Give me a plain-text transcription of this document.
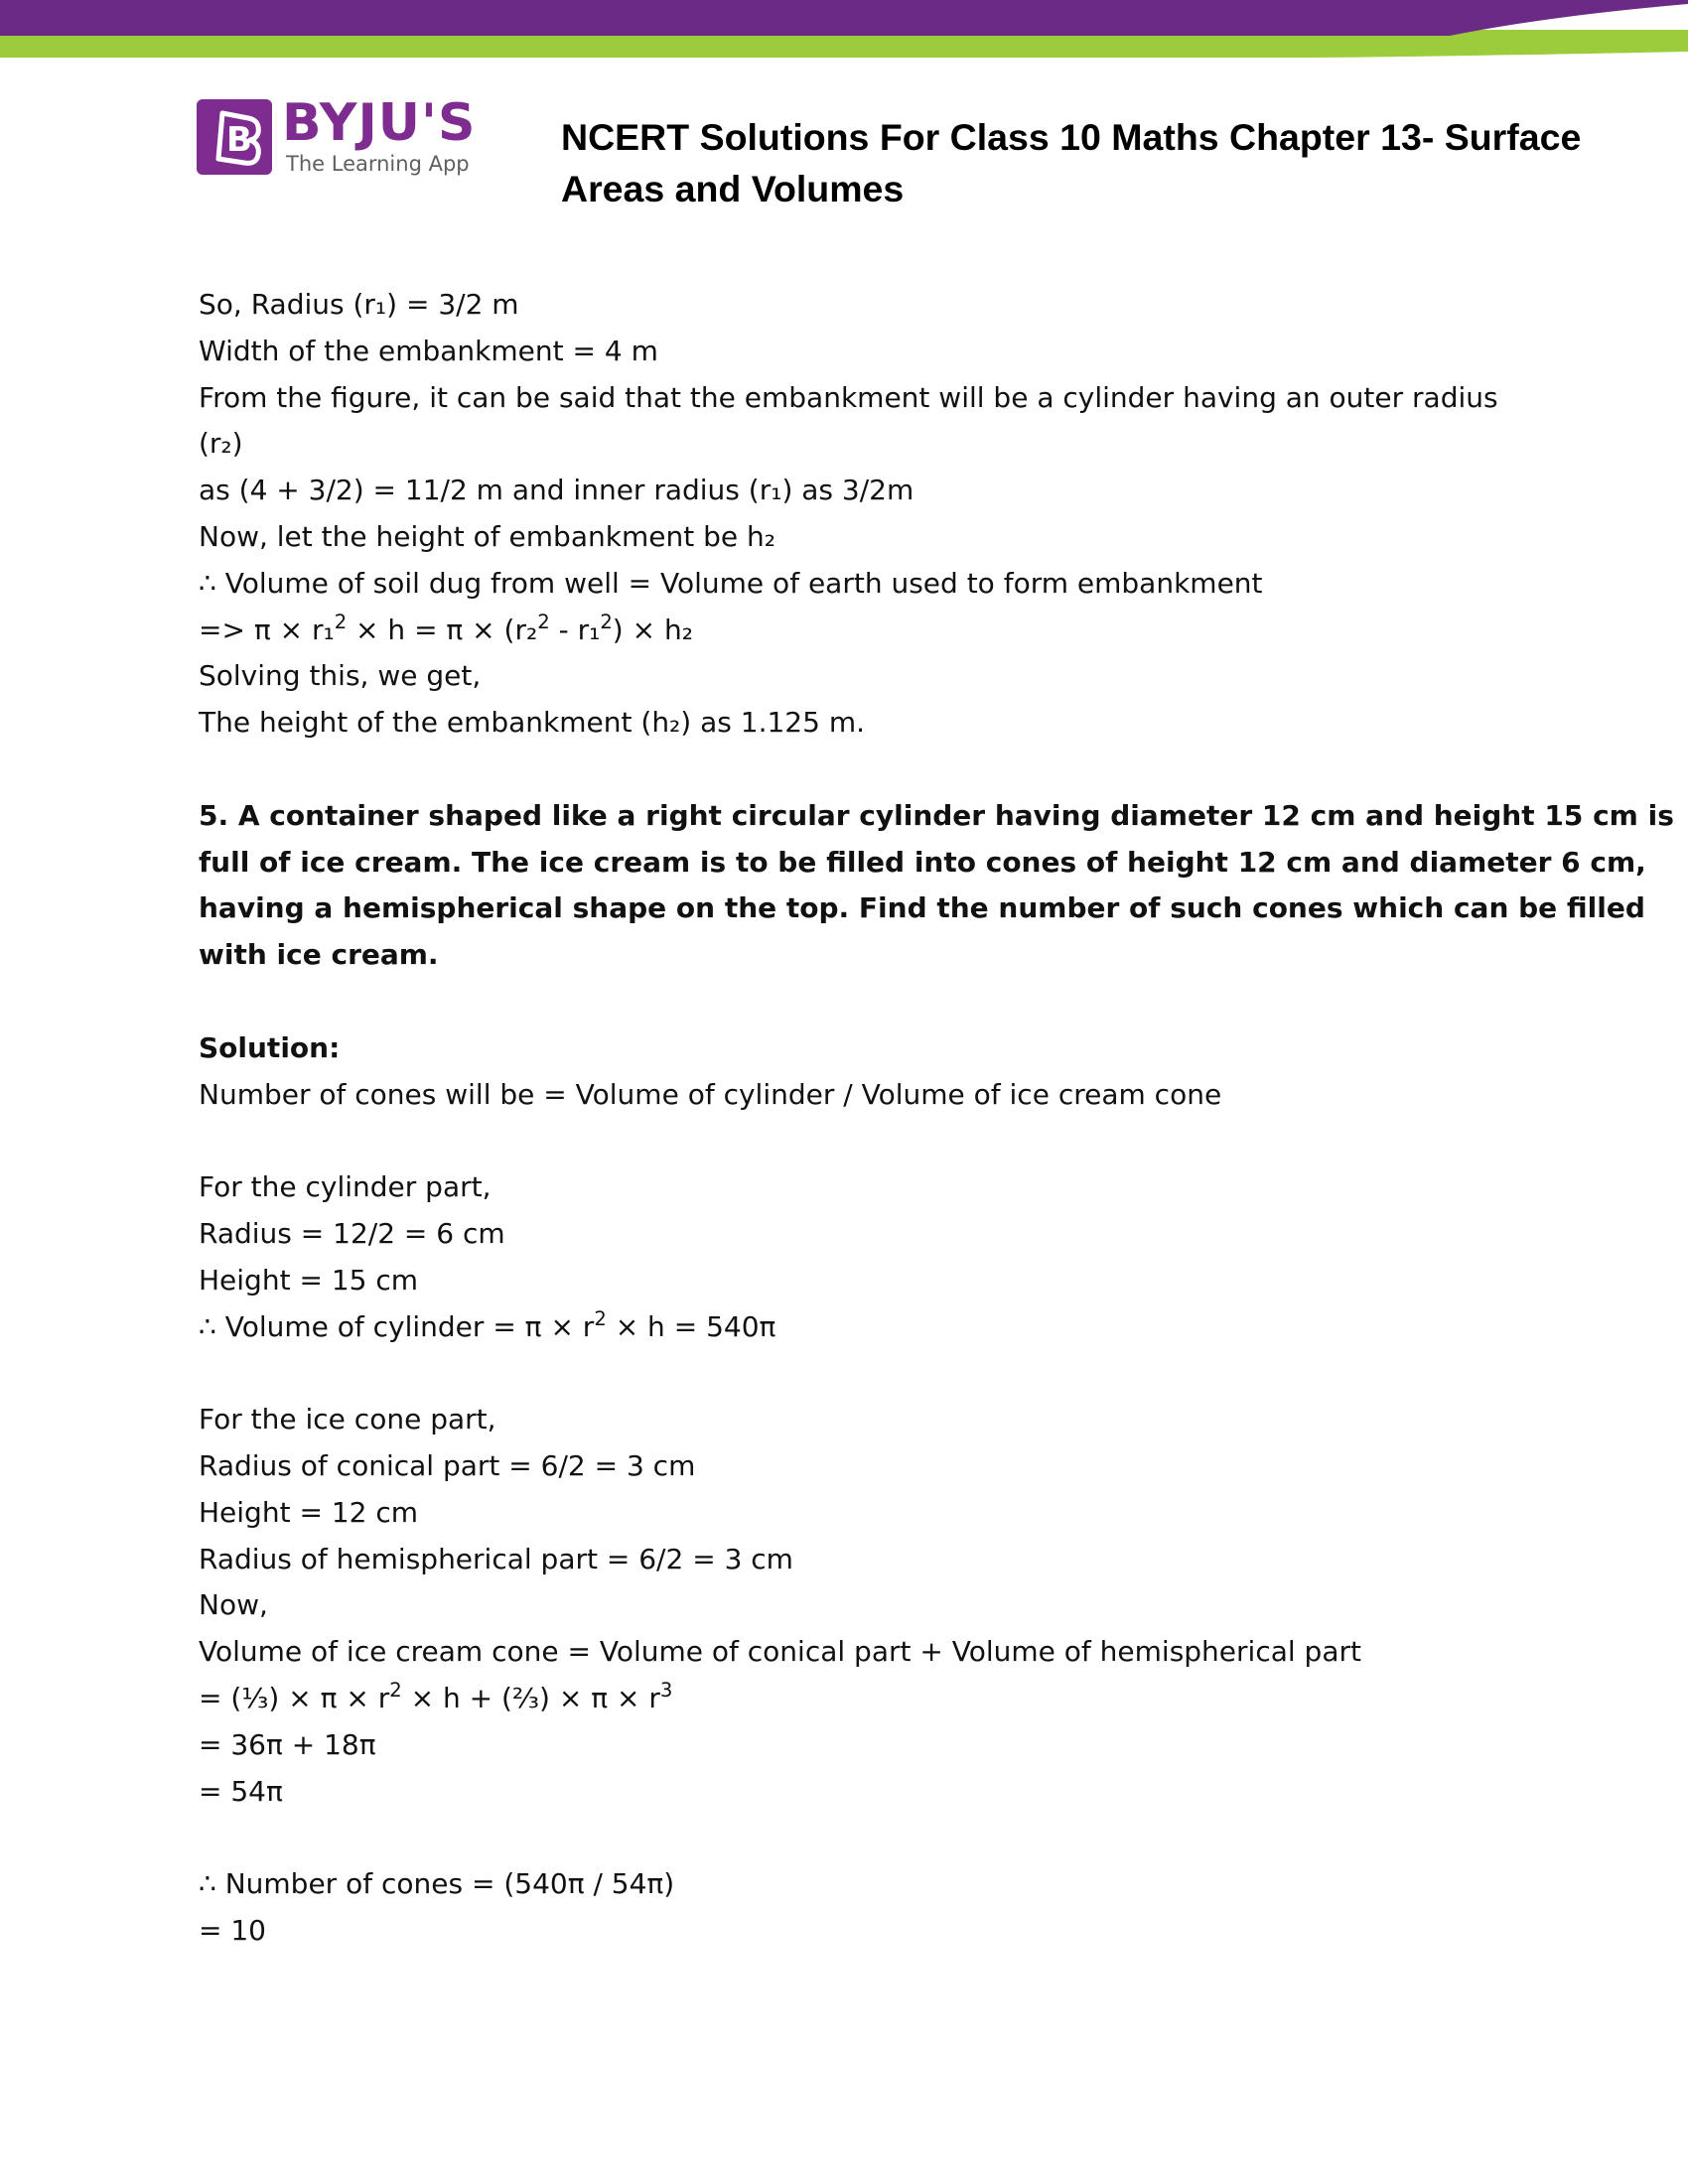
B BYJU'S
The Learning App
NCERT Solutions For Class 10 Maths Chapter 13- Surface
Areas and Volumes
So, Radius (r₁) = 3/2 m
Width of the embankment = 4 m
From the figure, it can be said that the embankment will be a cylinder having an outer radius
(r₂)
as (4 + 3/2) = 11/2 m and inner radius (r₁) as 3/2m
Now, let the height of embankment be h₂
∴ Volume of soil dug from well = Volume of earth used to form embankment
=> π × r₁$^2$ × h = π × (r₂$^2$ - r₁$^2$) × h₂
Solving this, we get,
The height of the embankment (h₂) as 1.125 m.
5. A container shaped like a right circular cylinder having diameter 12 cm and height 15 cm is
full of ice cream. The ice cream is to be filled into cones of height 12 cm and diameter 6 cm,
having a hemispherical shape on the top. Find the number of such cones which can be filled
with ice cream.
Solution:
Number of cones will be = Volume of cylinder / Volume of ice cream cone
For the cylinder part,
Radius = 12/2 = 6 cm
Height = 15 cm
∴ Volume of cylinder = $\pi \times r^2 \times h = 540\pi$
For the ice cone part,
Radius of conical part = 6/2 = 3 cm
Height = 12 cm
Radius of hemispherical part = 6/2 = 3 cm
Now,
Volume of ice cream cone = Volume of conical part + Volume of hemispherical part
= (⅓) × $\pi \times r^2 \times h$ + (⅔) × $\pi \times r^3$
= 36π + 18π
= 54π
∴ Number of cones = (540π / 54π)
= 10
